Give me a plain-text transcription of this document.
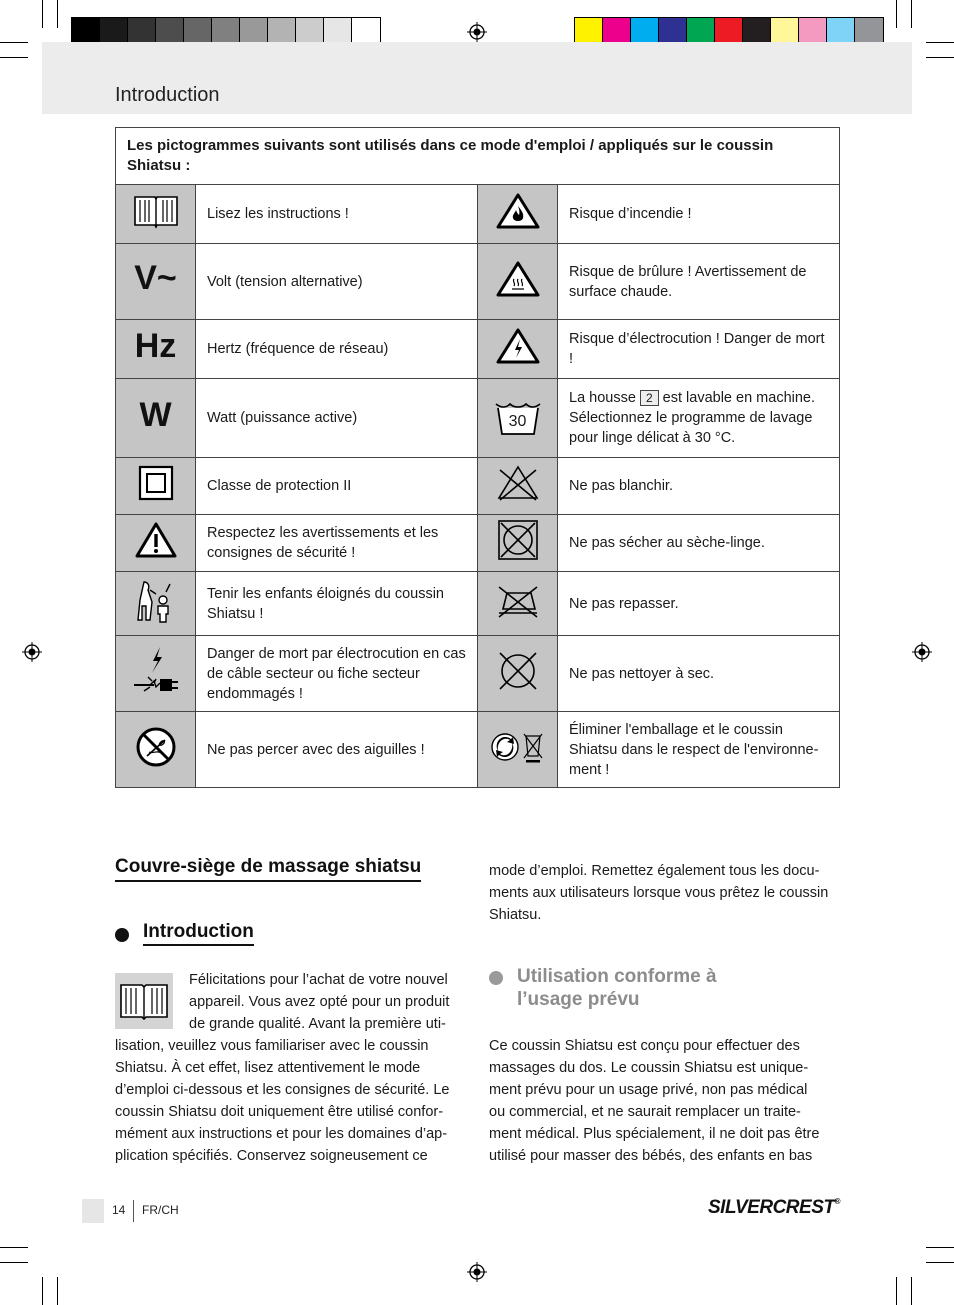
Introduction
Les pictogrammes suivants sont utilisés dans ce mode d'emploi / appliqués sur le coussin Shiatsu :			
	Lisez les instructions !		Risque d’incendie !
V~	Volt (tension alternative)		Risque de brûlure ! Avertissement de surface chaude.
Hz	Hertz (fréquence de réseau)		Risque d’électrocution ! Danger de mort !
W	Watt (puissance active)	30	La housse 2 est lavable en machine. Sélectionnez le programme de lavage pour linge délicat à 30 °C.
	Classe de protection II		Ne pas blanchir.
	Respectez les avertissements et les consignes de sécurité !		Ne pas sécher au sèche-linge.
	Tenir les enfants éloignés du coussin Shiatsu !		Ne pas repasser.
	Danger de mort par électrocution en cas de câble secteur ou fiche secteur endommagés !		Ne pas nettoyer à sec.
	Ne pas percer avec des aiguilles !		Éliminer l'emballage et le coussin Shiatsu dans le respect de l'environne-ment !
Couvre-siège de massage shiatsu
Introduction
Félicitations pour l’achat de votre nouvel
appareil. Vous avez opté pour un produit
de grande qualité. Avant la première uti-
lisation, veuillez vous familiariser avec le coussin
Shiatsu. À cet effet, lisez attentivement le mode
d’emploi ci-dessous et les consignes de sécurité. Le
coussin Shiatsu doit uniquement être utilisé confor-
mément aux instructions et pour les domaines d’ap-
plication spécifiés. Conservez soigneusement ce
mode d’emploi. Remettez également tous les docu-
ments aux utilisateurs lorsque vous prêtez le coussin
Shiatsu.
Utilisation conforme à
l’usage prévu
Ce coussin Shiatsu est conçu pour effectuer des
massages du dos. Le coussin Shiatsu est unique-
ment prévu pour un usage privé, non pas médical
ou commercial, et ne saurait remplacer un traite-
ment médical. Plus spécialement, il ne doit pas être
utilisé pour masser des bébés, des enfants en bas
14 FR/CH	SILVERCREST®
